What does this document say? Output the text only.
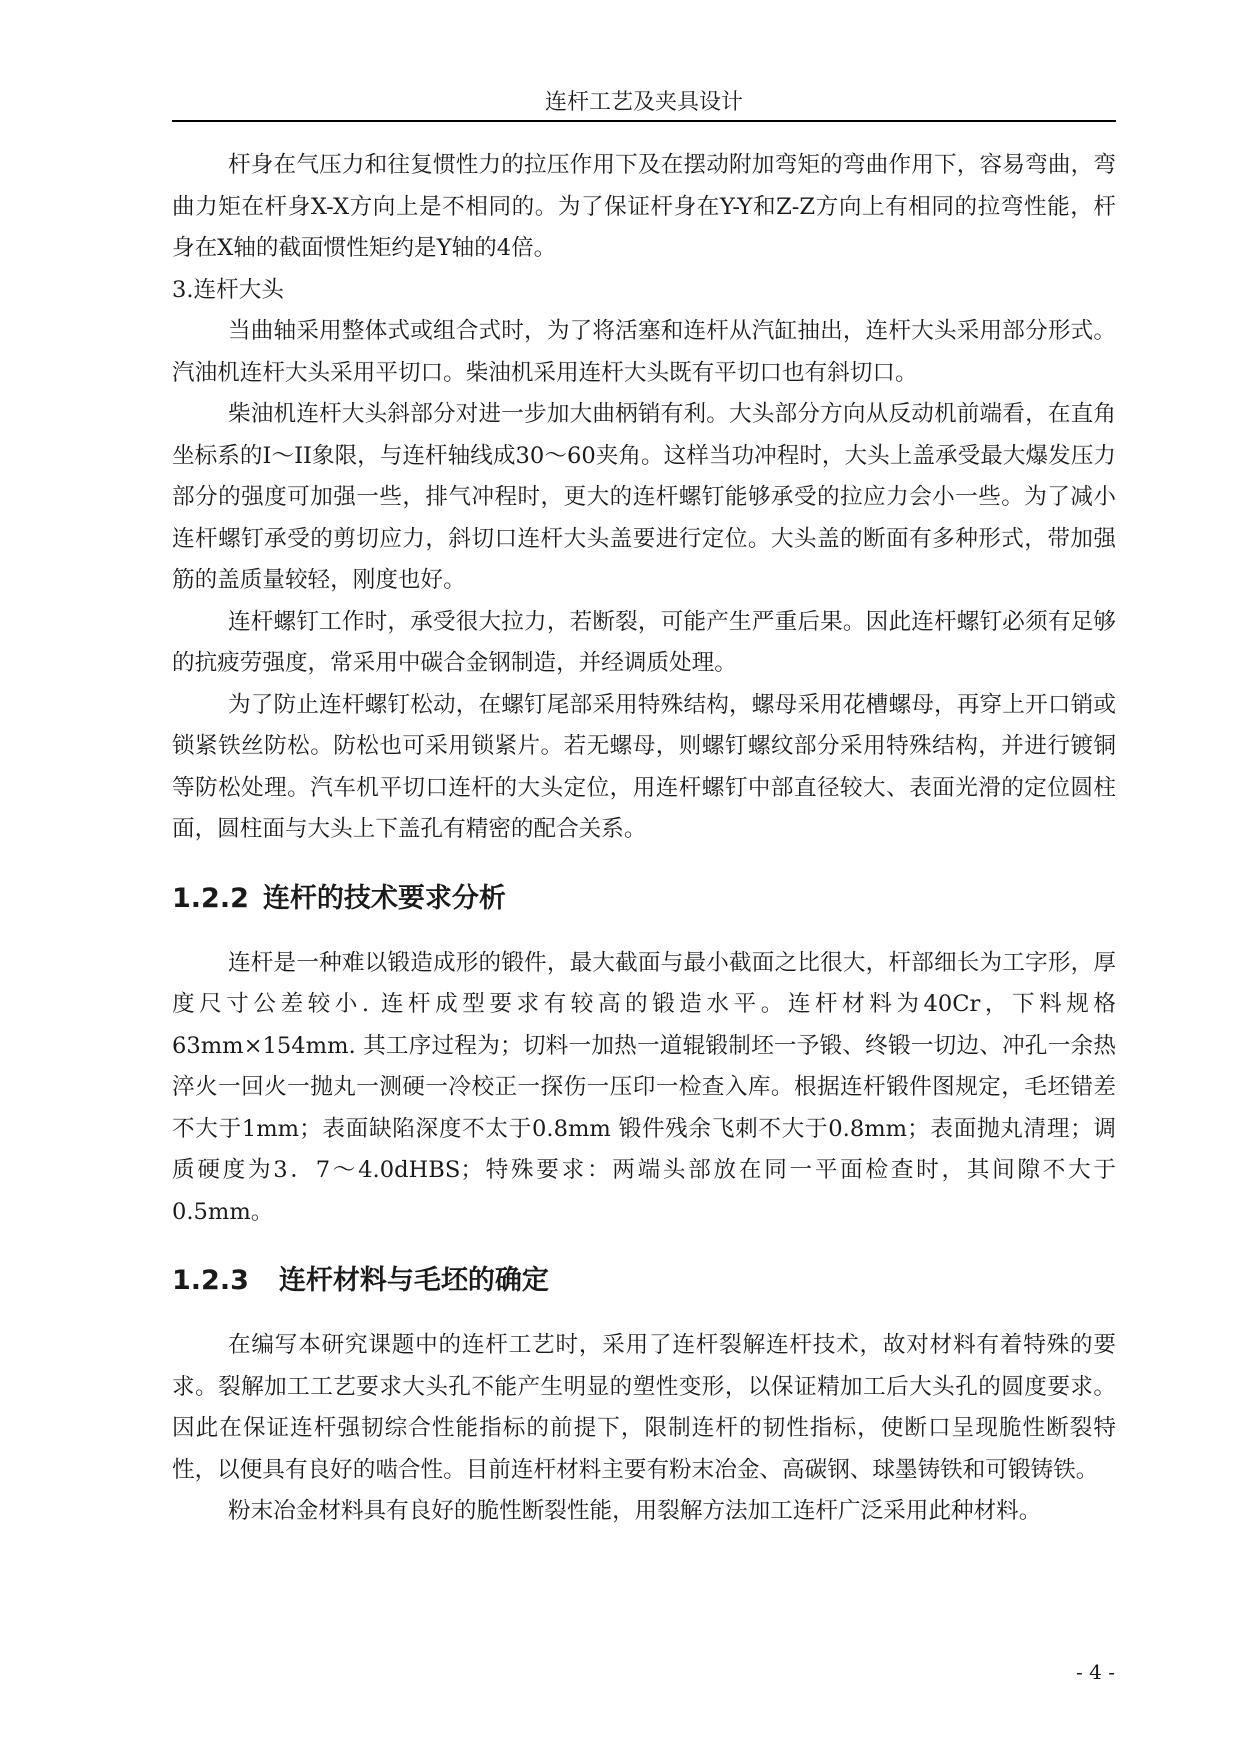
连杆工艺及夹具设计

杆身在气压力和往复惯性力的拉压作用下及在摆动附加弯矩的弯曲作用下，容易弯曲，弯曲力矩在杆身X-X方向上是不相同的。为了保证杆身在Y-Y和Z-Z方向上有相同的拉弯性能，杆身在X轴的截面惯性矩约是Y轴的4倍。

3.连杆大头

当曲轴采用整体式或组合式时，为了将活塞和连杆从汽缸抽出，连杆大头采用部分形式。汽油机连杆大头采用平切口。柴油机采用连杆大头既有平切口也有斜切口。

柴油机连杆大头斜部分对进一步加大曲柄销有利。大头部分方向从反动机前端看，在直角坐标系的Ⅰ～II象限，与连杆轴线成30～60夹角。这样当功冲程时，大头上盖承受最大爆发压力部分的强度可加强一些，排气冲程时，更大的连杆螺钉能够承受的拉应力会小一些。为了减小连杆螺钉承受的剪切应力，斜切口连杆大头盖要进行定位。大头盖的断面有多种形式，带加强筋的盖质量较轻，刚度也好。

连杆螺钉工作时，承受很大拉力，若断裂，可能产生严重后果。因此连杆螺钉必须有足够的抗疲劳强度，常采用中碳合金钢制造，并经调质处理。

为了防止连杆螺钉松动，在螺钉尾部采用特殊结构，螺母采用花槽螺母，再穿上开口销或锁紧铁丝防松。防松也可采用锁紧片。若无螺母，则螺钉螺纹部分采用特殊结构，并进行镀铜等防松处理。汽车机平切口连杆的大头定位，用连杆螺钉中部直径较大、表面光滑的定位圆柱面，圆柱面与大头上下盖孔有精密的配合关系。

1.2.2 连杆的技术要求分析

连杆是一种难以锻造成形的锻件，最大截面与最小截面之比很大，杆部细长为工字形，厚度尺寸公差较小. 连杆成型要求有较高的锻造水平。连杆材料为40Cr，下料规格63mm×154mm. 其工序过程为；切料一加热一道辊锻制坯一予锻、终锻一切边、冲孔一余热淬火一回火一抛丸一测硬一冷校正一探伤一压印一检查入库。根据连杆锻件图规定，毛坯错差不大于1mm；表面缺陷深度不太于0.8mm 锻件残余飞刺不大于0.8mm；表面抛丸清理；调质硬度为3．7～4.0dHBS；特殊要求：两端头部放在同一平面检查时，其间隙不大于0.5mm。

1.2.3 连杆材料与毛坯的确定

在编写本研究课题中的连杆工艺时，采用了连杆裂解连杆技术，故对材料有着特殊的要求。裂解加工工艺要求大头孔不能产生明显的塑性变形，以保证精加工后大头孔的圆度要求。因此在保证连杆强韧综合性能指标的前提下，限制连杆的韧性指标，使断口呈现脆性断裂特性，以便具有良好的啮合性。目前连杆材料主要有粉末冶金、高碳钢、球墨铸铁和可锻铸铁。

粉末冶金材料具有良好的脆性断裂性能，用裂解方法加工连杆广泛采用此种材料。

- 4 -
